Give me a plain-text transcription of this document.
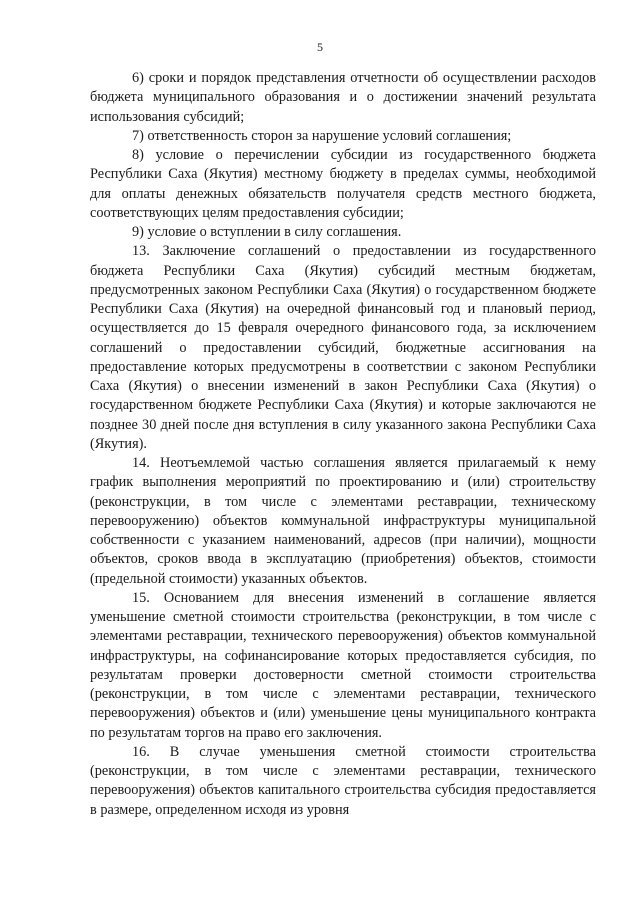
5

6) сроки и порядок представления отчетности об осуществлении расходов бюджета муниципального образования и о достижении значений результата использования субсидий;

7) ответственность сторон за нарушение условий соглашения;

8) условие о перечислении субсидии из государственного бюджета Республики Саха (Якутия) местному бюджету в пределах суммы, необходимой для оплаты денежных обязательств получателя средств местного бюджета, соответствующих целям предоставления субсидии;

9) условие о вступлении в силу соглашения.

13. Заключение соглашений о предоставлении из государственного бюджета Республики Саха (Якутия) субсидий местным бюджетам, предусмотренных законом Республики Саха (Якутия) о государственном бюджете Республики Саха (Якутия) на очередной финансовый год и плановый период, осуществляется до 15 февраля очередного финансового года, за исключением соглашений о предоставлении субсидий, бюджетные ассигнования на предоставление которых предусмотрены в соответствии с законом Республики Саха (Якутия) о внесении изменений в закон Республики Саха (Якутия) о государственном бюджете Республики Саха (Якутия) и которые заключаются не позднее 30 дней после дня вступления в силу указанного закона Республики Саха (Якутия).

14. Неотъемлемой частью соглашения является прилагаемый к нему график выполнения мероприятий по проектированию и (или) строительству (реконструкции, в том числе с элементами реставрации, техническому перевооружению) объектов коммунальной инфраструктуры муниципальной собственности с указанием наименований, адресов (при наличии), мощности объектов, сроков ввода в эксплуатацию (приобретения) объектов, стоимости (предельной стоимости) указанных объектов.

15. Основанием для внесения изменений в соглашение является уменьшение сметной стоимости строительства (реконструкции, в том числе с элементами реставрации, технического перевооружения) объектов коммунальной инфраструктуры, на софинансирование которых предоставляется субсидия, по результатам проверки достоверности сметной стоимости строительства (реконструкции, в том числе с элементами реставрации, технического перевооружения) объектов и (или) уменьшение цены муниципального контракта по результатам торгов на право его заключения.

16. В случае уменьшения сметной стоимости строительства (реконструкции, в том числе с элементами реставрации, технического перевооружения) объектов капитального строительства субсидия предоставляется в размере, определенном исходя из уровня
